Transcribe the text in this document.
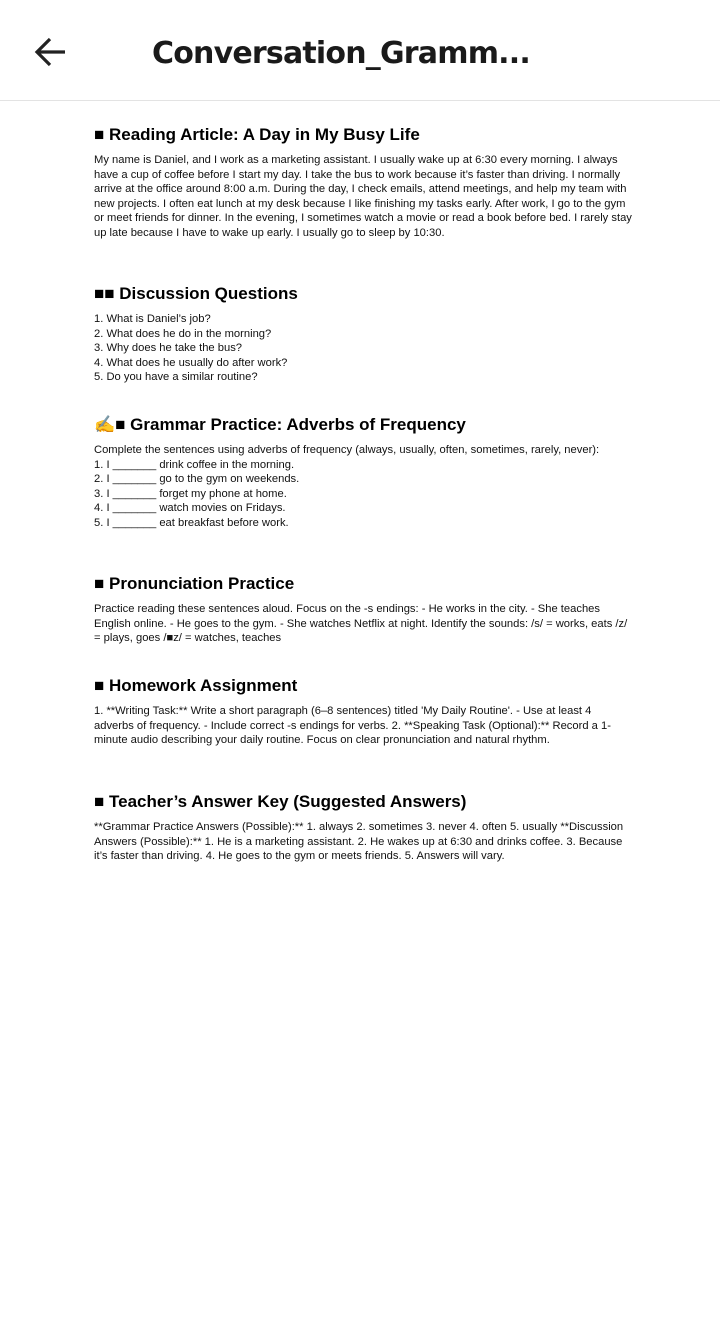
Conversation_Gramm...
■ Reading Article: A Day in My Busy Life

My name is Daniel, and I work as a marketing assistant. I usually wake up at 6:30 every morning. I always have a cup of coffee before I start my day. I take the bus to work because it’s faster than driving. I normally arrive at the office around 8:00 a.m. During the day, I check emails, attend meetings, and help my team with new projects. I often eat lunch at my desk because I like finishing my tasks early. After work, I go to the gym or meet friends for dinner. In the evening, I sometimes watch a movie or read a book before bed. I rarely stay up late because I have to wake up early. I usually go to sleep by 10:30.

■■ Discussion Questions

1. What is Daniel’s job?

2. What does he do in the morning?

3. Why does he take the bus?

4. What does he usually do after work?

5. Do you have a similar routine?

✍■ Grammar Practice: Adverbs of Frequency

Complete the sentences using adverbs of frequency (always, usually, often, sometimes, rarely, never):

1. I _______ drink coffee in the morning.

2. I _______ go to the gym on weekends.

3. I _______ forget my phone at home.

4. I _______ watch movies on Fridays.

5. I _______ eat breakfast before work.

■ Pronunciation Practice

Practice reading these sentences aloud. Focus on the -s endings: - He works in the city. - She teaches English online. - He goes to the gym. - She watches Netflix at night. Identify the sounds: /s/ = works, eats /z/ = plays, goes /■z/ = watches, teaches

■ Homework Assignment

1. **Writing Task:** Write a short paragraph (6–8 sentences) titled 'My Daily Routine'. - Use at least 4 adverbs of frequency. - Include correct -s endings for verbs. 2. **Speaking Task (Optional):** Record a 1-minute audio describing your daily routine. Focus on clear pronunciation and natural rhythm.

■ Teacher’s Answer Key (Suggested Answers)

**Grammar Practice Answers (Possible):** 1. always 2. sometimes 3. never 4. often 5. usually **Discussion Answers (Possible):** 1. He is a marketing assistant. 2. He wakes up at 6:30 and drinks coffee. 3. Because it’s faster than driving. 4. He goes to the gym or meets friends. 5. Answers will vary.
